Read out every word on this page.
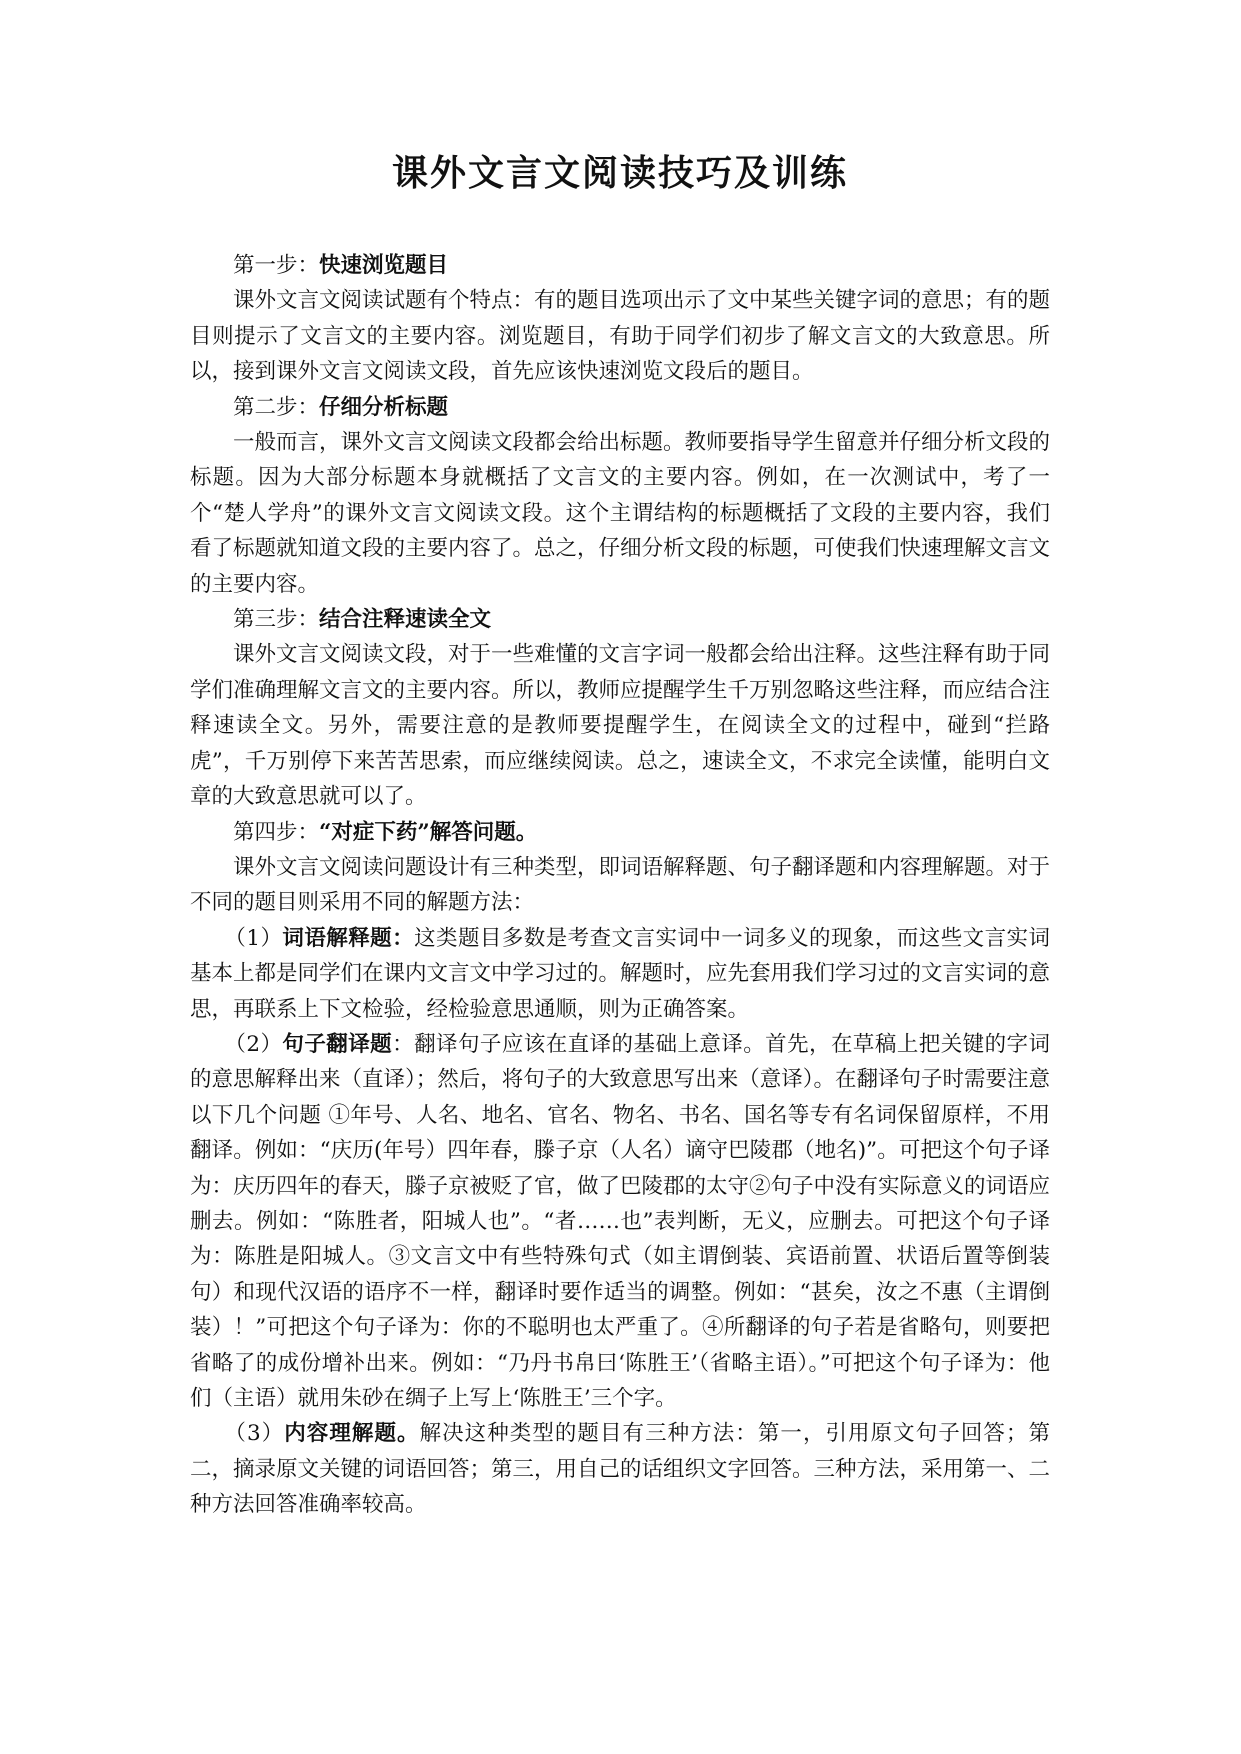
课外文言文阅读技巧及训练

第一步：快速浏览题目

课外文言文阅读试题有个特点：有的题目选项出示了文中某些关键字词的意思；有的题目则提示了文言文的主要内容。浏览题目，有助于同学们初步了解文言文的大致意思。所以，接到课外文言文阅读文段，首先应该快速浏览文段后的题目。

第二步：仔细分析标题

一般而言，课外文言文阅读文段都会给出标题。教师要指导学生留意并仔细分析文段的标题。因为大部分标题本身就概括了文言文的主要内容。例如，在一次测试中，考了一个“楚人学舟”的课外文言文阅读文段。这个主谓结构的标题概括了文段的主要内容，我们看了标题就知道文段的主要内容了。总之，仔细分析文段的标题，可使我们快速理解文言文的主要内容。

第三步：结合注释速读全文

课外文言文阅读文段，对于一些难懂的文言字词一般都会给出注释。这些注释有助于同学们准确理解文言文的主要内容。所以，教师应提醒学生千万别忽略这些注释，而应结合注释速读全文。另外，需要注意的是教师要提醒学生，在阅读全文的过程中，碰到“拦路虎”，千万别停下来苦苦思索，而应继续阅读。总之，速读全文，不求完全读懂，能明白文章的大致意思就可以了。

第四步：“对症下药”解答问题。

课外文言文阅读问题设计有三种类型，即词语解释题、句子翻译题和内容理解题。对于不同的题目则采用不同的解题方法：

（1）词语解释题：这类题目多数是考查文言实词中一词多义的现象，而这些文言实词基本上都是同学们在课内文言文中学习过的。解题时，应先套用我们学习过的文言实词的意思，再联系上下文检验，经检验意思通顺，则为正确答案。

（2）句子翻译题：翻译句子应该在直译的基础上意译。首先，在草稿上把关键的字词的意思解释出来（直译）；然后，将句子的大致意思写出来（意译）。在翻译句子时需要注意以下几个问题 ①年号、人名、地名、官名、物名、书名、国名等专有名词保留原样，不用翻译。例如：“庆历(年号）四年春，滕子京（人名）谪守巴陵郡（地名)”。可把这个句子译为：庆历四年的春天，滕子京被贬了官，做了巴陵郡的太守②句子中没有实际意义的词语应删去。例如：“陈胜者，阳城人也”。“者……也”表判断，无义，应删去。可把这个句子译为：陈胜是阳城人。③文言文中有些特殊句式（如主谓倒装、宾语前置、状语后置等倒装句）和现代汉语的语序不一样，翻译时要作适当的调整。例如：“甚矣，汝之不惠（主谓倒装）！”可把这个句子译为：你的不聪明也太严重了。④所翻译的句子若是省略句，则要把省略了的成份增补出来。例如：“乃丹书帛曰‘陈胜王’（省略主语）。”可把这个句子译为：他们（主语）就用朱砂在绸子上写上‘陈胜王’三个字。

（3）内容理解题。解决这种类型的题目有三种方法：第一，引用原文句子回答；第二，摘录原文关键的词语回答；第三，用自己的话组织文字回答。三种方法，采用第一、二种方法回答准确率较高。
